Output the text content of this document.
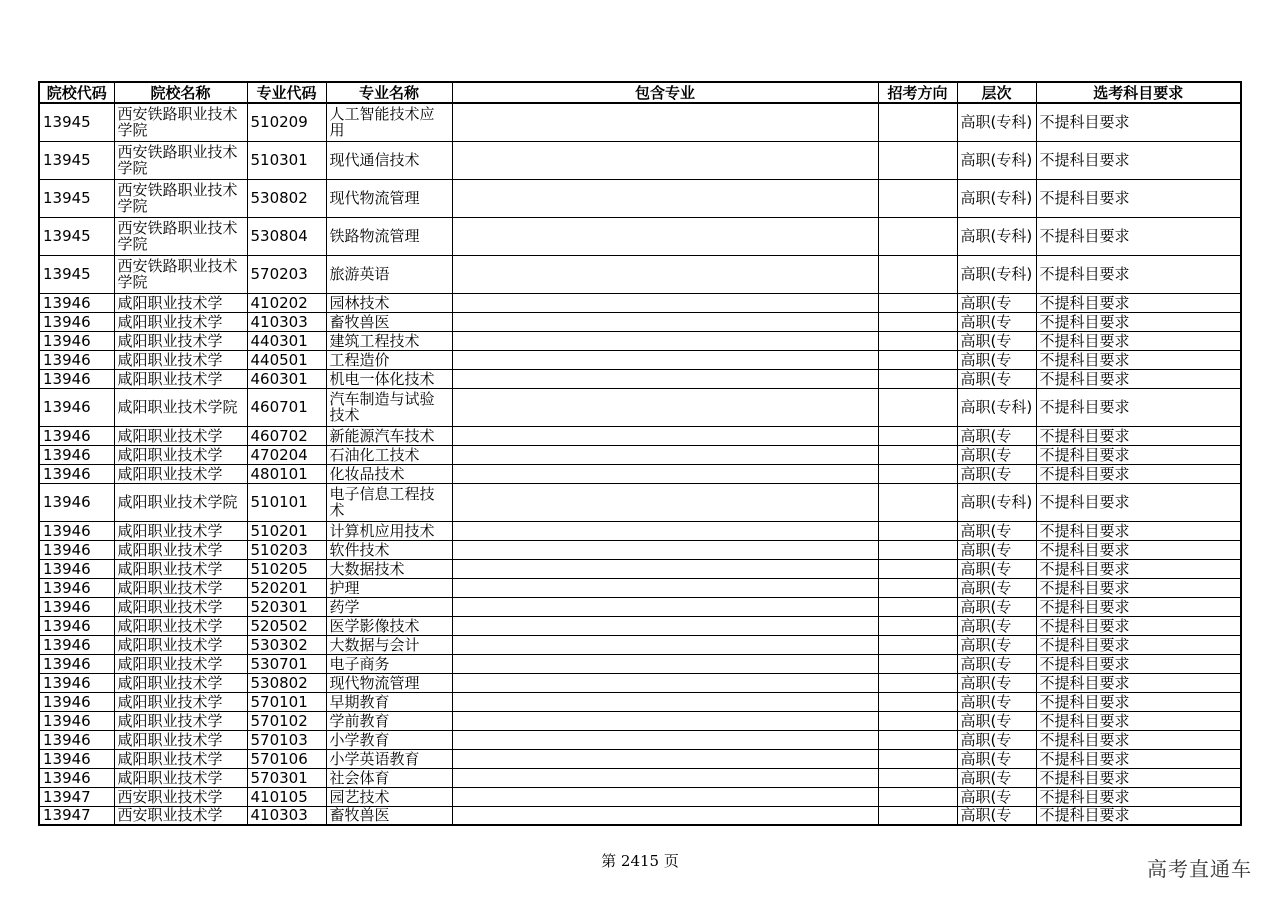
院校代码	院校名称	专业代码	专业名称	包含专业	招考方向	层次	选考科目要求
13945	西安铁路职业技术学院	510209	人工智能技术应用			高职(专科)	不提科目要求
13945	西安铁路职业技术学院	510301	现代通信技术			高职(专科)	不提科目要求
13945	西安铁路职业技术学院	530802	现代物流管理			高职(专科)	不提科目要求
13945	西安铁路职业技术学院	530804	铁路物流管理			高职(专科)	不提科目要求
13945	西安铁路职业技术学院	570203	旅游英语			高职(专科)	不提科目要求
13946	咸阳职业技术学	410202	园林技术			高职(专	不提科目要求
13946	咸阳职业技术学	410303	畜牧兽医			高职(专	不提科目要求
13946	咸阳职业技术学	440301	建筑工程技术			高职(专	不提科目要求
13946	咸阳职业技术学	440501	工程造价			高职(专	不提科目要求
13946	咸阳职业技术学	460301	机电一体化技术			高职(专	不提科目要求
13946	咸阳职业技术学院	460701	汽车制造与试验技术			高职(专科)	不提科目要求
13946	咸阳职业技术学	460702	新能源汽车技术			高职(专	不提科目要求
13946	咸阳职业技术学	470204	石油化工技术			高职(专	不提科目要求
13946	咸阳职业技术学	480101	化妆品技术			高职(专	不提科目要求
13946	咸阳职业技术学院	510101	电子信息工程技术			高职(专科)	不提科目要求
13946	咸阳职业技术学	510201	计算机应用技术			高职(专	不提科目要求
13946	咸阳职业技术学	510203	软件技术			高职(专	不提科目要求
13946	咸阳职业技术学	510205	大数据技术			高职(专	不提科目要求
13946	咸阳职业技术学	520201	护理			高职(专	不提科目要求
13946	咸阳职业技术学	520301	药学			高职(专	不提科目要求
13946	咸阳职业技术学	520502	医学影像技术			高职(专	不提科目要求
13946	咸阳职业技术学	530302	大数据与会计			高职(专	不提科目要求
13946	咸阳职业技术学	530701	电子商务			高职(专	不提科目要求
13946	咸阳职业技术学	530802	现代物流管理			高职(专	不提科目要求
13946	咸阳职业技术学	570101	早期教育			高职(专	不提科目要求
13946	咸阳职业技术学	570102	学前教育			高职(专	不提科目要求
13946	咸阳职业技术学	570103	小学教育			高职(专	不提科目要求
13946	咸阳职业技术学	570106	小学英语教育			高职(专	不提科目要求
13946	咸阳职业技术学	570301	社会体育			高职(专	不提科目要求
13947	西安职业技术学	410105	园艺技术			高职(专	不提科目要求
13947	西安职业技术学	410303	畜牧兽医			高职(专	不提科目要求
第 2415 页	高考直通车
